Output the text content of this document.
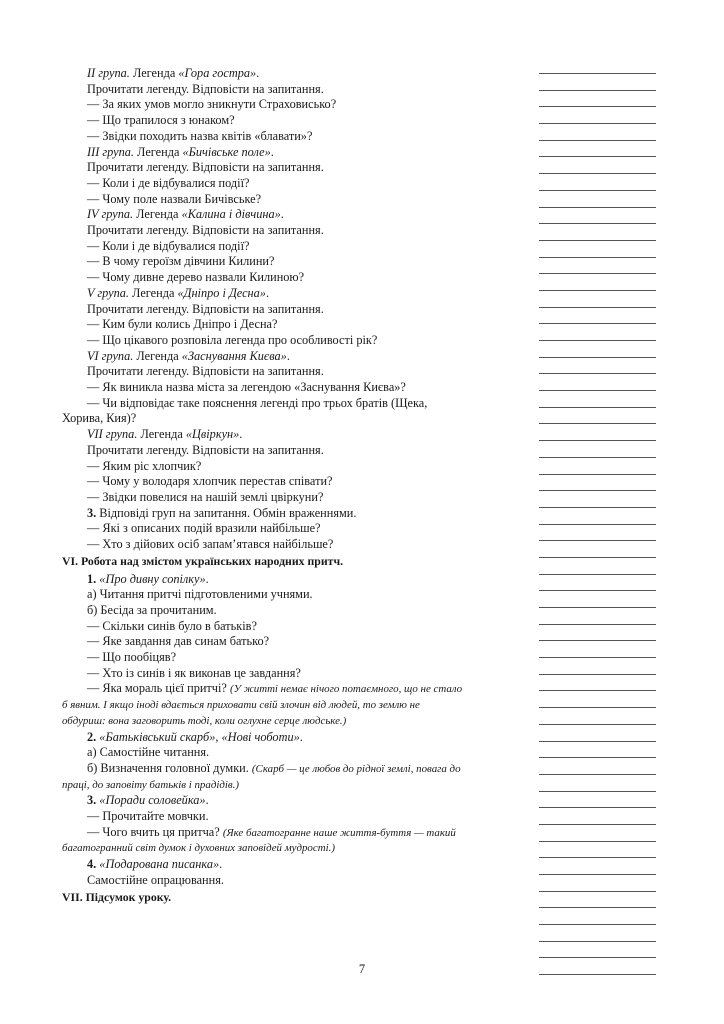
II група. Легенда «Гора гостра».
Прочитати легенду. Відповісти на запитання.
— За яких умов могло зникнути Страховисько?
— Що трапилося з юнаком?
— Звідки походить назва квітів «блавати»?
III група. Легенда «Бичівське поле».
Прочитати легенду. Відповісти на запитання.
— Коли і де відбувалися події?
— Чому поле назвали Бичівське?
IV група. Легенда «Калина і дівчина».
Прочитати легенду. Відповісти на запитання.
— Коли і де відбувалися події?
— В чому героїзм дівчини Килини?
— Чому дивне дерево назвали Килиною?
V група. Легенда «Дніпро і Десна».
Прочитати легенду. Відповісти на запитання.
— Ким були колись Дніпро і Десна?
— Що цікавого розповіла легенда про особливості рік?
VI група. Легенда «Заснування Києва».
Прочитати легенду. Відповісти на запитання.
— Як виникла назва міста за легендою «Заснування Києва»?
— Чи відповідає таке пояснення легенді про трьох братів (Щека,
Хорива, Кия)?
VII група. Легенда «Цвіркун».
Прочитати легенду. Відповісти на запитання.
— Яким ріс хлопчик?
— Чому у володаря хлопчик перестав співати?
— Звідки повелися на нашій землі цвіркуни?
3. Відповіді груп на запитання. Обмін враженнями.
— Які з описаних подій вразили найбільше?
— Хто з дійових осіб запам’ятався найбільше?
VI. Робота над змістом українських народних притч.
1. «Про дивну сопілку».
а) Читання притчі підготовленими учнями.
б) Бесіда за прочитаним.
— Скільки синів було в батьків?
— Яке завдання дав синам батько?
— Що пообіцяв?
— Хто із синів і як виконав це завдання?
— Яка мораль цієї притчі? (У житті немає нічого потаємного, що не стало
б явним. І якщо іноді вдається приховати свій злочин від людей, то землю не
обдуриш: вона заговорить тоді, коли оглухне серце людське.)
2. «Батьківський скарб», «Нові чоботи».
а) Самостійне читання.
б) Визначення головної думки. (Скарб — це любов до рідної землі, повага до
праці, до заповіту батьків і прадідів.)
3. «Поради соловейка».
— Прочитайте мовчки.
— Чого вчить ця притча? (Яке багатогранне наше життя-буття — такий
багатогранний світ думок і духовних заповідей мудрості.)
4. «Подарована писанка».
Самостійне опрацювання.
VII. Підсумок уроку.
7
